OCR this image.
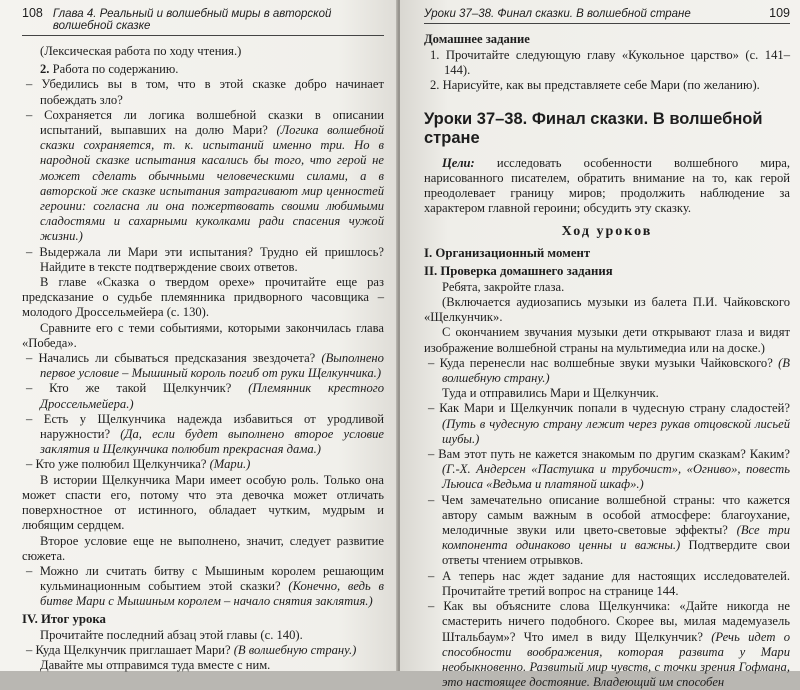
108 Глава 4. Реальный и волшебный миры в авторской волшебной сказке

(Лексическая работа по ходу чтения.)

2. Работа по содержанию.

– Убедились вы в том, что в этой сказке добро начинает побеждать зло?

– Сохраняется ли логика волшебной сказки в описании испытаний, выпавших на долю Мари? (Логика волшебной сказки сохраняется, т. к. испытаний именно три. Но в народной сказке испытания касались бы того, что герой не может сделать обычными человеческими силами, а в авторской же сказке испытания затрагивают мир ценностей героини: согласна ли она пожертвовать своими любимыми сладостями и сахарными куколками ради спасения чужой жизни.)

– Выдержала ли Мари эти испытания? Трудно ей пришлось? Найдите в тексте подтверждение своих ответов.

В главе «Сказка о твердом орехе» прочитайте еще раз предсказание о судьбе племянника придворного часовщика – молодого Дроссельмейера (с. 130).

Сравните его с теми событиями, которыми закончилась глава «Победа».

– Начались ли сбываться предсказания звездочета? (Выполнено первое условие – Мышиный король погиб от руки Щелкунчика.)

– Кто же такой Щелкунчик? (Племянник крестного Дроссельмейера.)

– Есть у Щелкунчика надежда избавиться от уродливой наружности? (Да, если будет выполнено второе условие заклятия и Щелкунчика полюбит прекрасная дама.)

– Кто уже полюбил Щелкунчика? (Мари.)

В истории Щелкунчика Мари имеет особую роль. Только она может спасти его, потому что эта девочка может отличать поверхностное от истинного, обладает чутким, мудрым и любящим сердцем.

Второе условие еще не выполнено, значит, следует развитие сюжета.

– Можно ли считать битву с Мышиным королем решающим кульминационным событием этой сказки? (Конечно, ведь в битве Мари с Мышиным королем – начало снятия заклятия.)

IV. Итог урока

Прочитайте последний абзац этой главы (с. 140).

– Куда Щелкунчик приглашает Мари? (В волшебную страну.)

Давайте мы отправимся туда вместе с ним.

Уроки 37–38. Финал сказки. В волшебной стране	109

Домашнее задание

1. Прочитайте следующую главу «Кукольное царство» (с. 141–144).

2. Нарисуйте, как вы представляете себе Мари (по желанию).

Уроки 37–38. Финал сказки. В волшебной стране

Цели: исследовать особенности волшебного мира, нарисованного писателем, обратить внимание на то, как герой преодолевает границу миров; продолжить наблюдение за характером главной героини; обсудить эту сказку.

Ход уроков

I. Организационный момент

II. Проверка домашнего задания

Ребята, закройте глаза.

(Включается аудиозапись музыки из балета П.И. Чайковского «Щелкунчик».

С окончанием звучания музыки дети открывают глаза и видят изображение волшебной страны на мультимедиа или на доске.)

– Куда перенесли нас волшебные звуки музыки Чайковского? (В волшебную страну.)

Туда и отправились Мари и Щелкунчик.

– Как Мари и Щелкунчик попали в чудесную страну сладостей? (Путь в чудесную страну лежит через рукав отцовской лисьей шубы.)

– Вам этот путь не кажется знакомым по другим сказкам? Каким? (Г.-Х. Андерсен «Пастушка и трубочист», «Огниво», повесть Льюиса «Ведьма и платяной шкаф».)

– Чем замечательно описание волшебной страны: что кажется автору самым важным в особой атмосфере: благоухание, мелодичные звуки или цвето-световые эффекты? (Все три компонента одинаково ценны и важны.) Подтвердите свои ответы чтением отрывков.

– А теперь нас ждет задание для настоящих исследователей. Прочитайте третий вопрос на странице 144.

– Как вы объясните слова Щелкунчика: «Дайте никогда не смастерить ничего подобного. Скорее вы, милая мадемуазель Штальбаум»? Что имел в виду Щелкунчик? (Речь идет о способности воображения, которая развита у Мари необыкновенно. Развитый мир чувств, с точки зрения Гофмана, это настоящее достояние. Владеющий им способен
